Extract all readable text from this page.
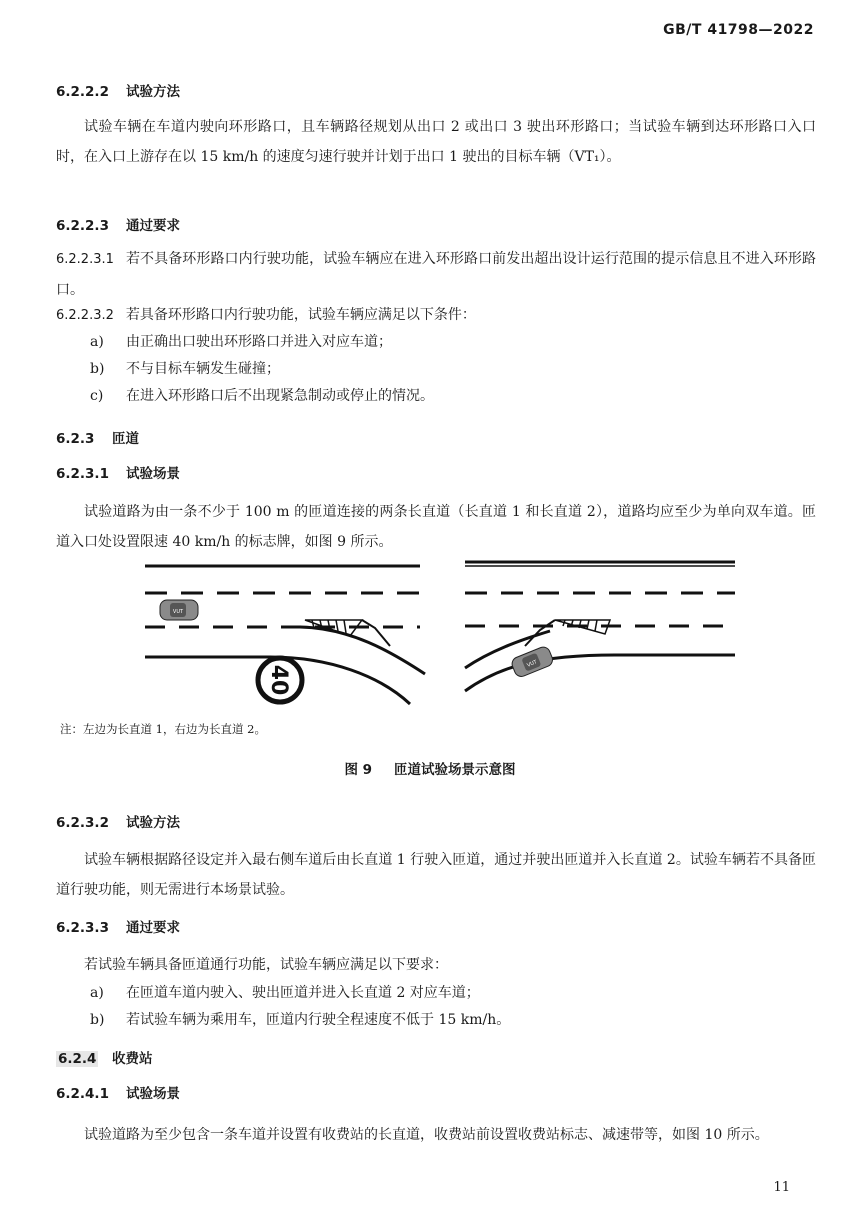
GB/T 41798—2022
6.2.2.2 试验方法
试验车辆在车道内驶向环形路口，且车辆路径规划从出口 2 或出口 3 驶出环形路口；当试验车辆到达环形路口入口时，在入口上游存在以 15 km/h 的速度匀速行驶并计划于出口 1 驶出的目标车辆（VT₁）。
6.2.2.3 通过要求
6.2.2.3.1 若不具备环形路口内行驶功能，试验车辆应在进入环形路口前发出超出设计运行范围的提示信息且不进入环形路口。
6.2.2.3.2 若具备环形路口内行驶功能，试验车辆应满足以下条件：
a) 由正确出口驶出环形路口并进入对应车道；
b) 不与目标车辆发生碰撞；
c) 在进入环形路口后不出现紧急制动或停止的情况。
6.2.3 匝道
6.2.3.1 试验场景
试验道路为由一条不少于 100 m 的匝道连接的两条长直道（长直道 1 和长直道 2），道路均应至少为单向双车道。匝道入口处设置限速 40 km/h 的标志牌，如图 9 所示。
VUT
40
VUT
注：左边为长直道 1，右边为长直道 2。
图 9 匝道试验场景示意图
6.2.3.2 试验方法
试验车辆根据路径设定并入最右侧车道后由长直道 1 行驶入匝道，通过并驶出匝道并入长直道 2。试验车辆若不具备匝道行驶功能，则无需进行本场景试验。
6.2.3.3 通过要求
若试验车辆具备匝道通行功能，试验车辆应满足以下要求：
a) 在匝道车道内驶入、驶出匝道并进入长直道 2 对应车道；
b) 若试验车辆为乘用车，匝道内行驶全程速度不低于 15 km/h。
6.2.4 收费站
6.2.4.1 试验场景
试验道路为至少包含一条车道并设置有收费站的长直道，收费站前设置收费站标志、减速带等，如图 10 所示。
11
